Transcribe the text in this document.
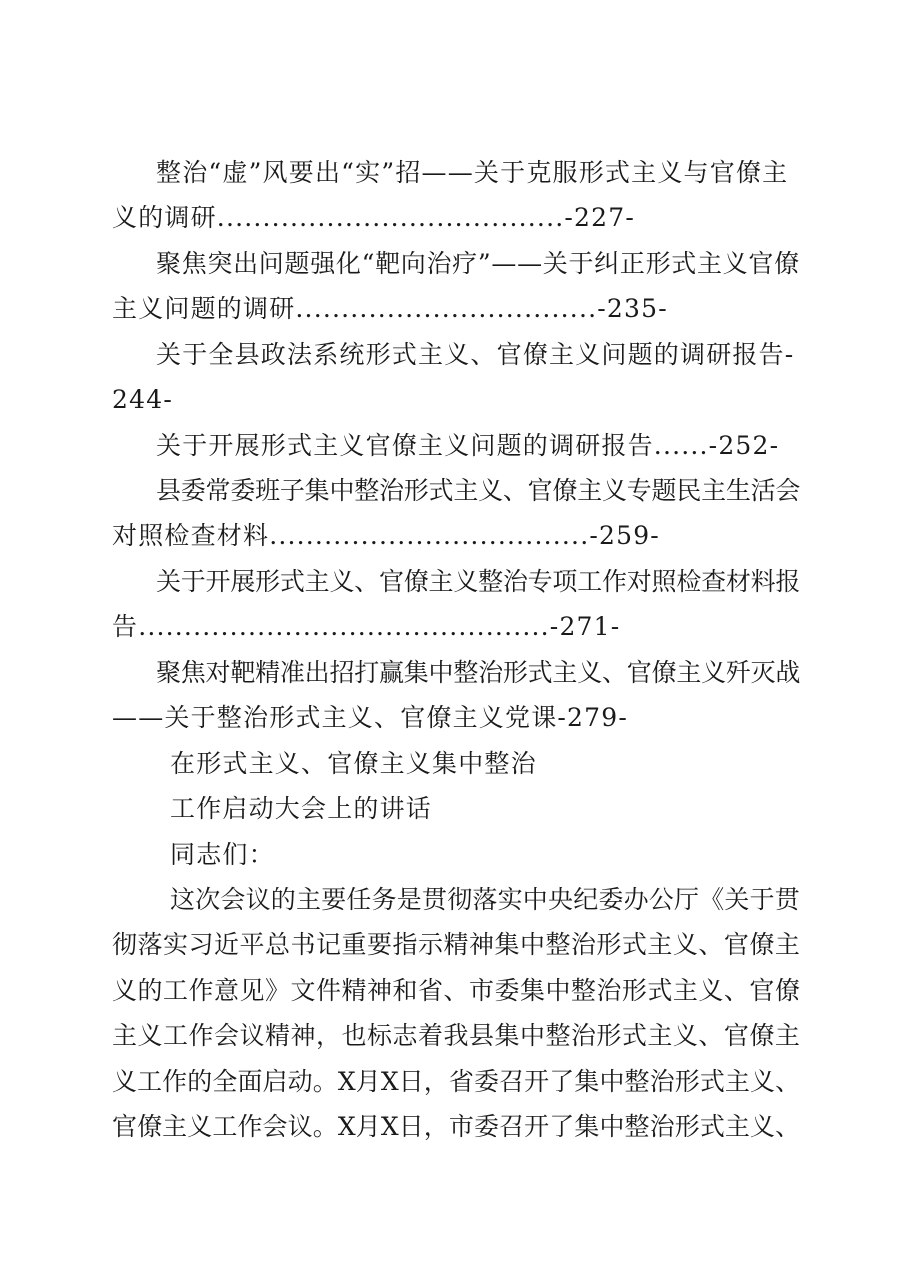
整治“虚”风要出“实”招——关于克服形式主义与官僚主
义的调研......................................-227-
聚焦突出问题强化“靶向治疗”——关于纠正形式主义官僚
主义问题的调研.................................-235-
关于全县政法系统形式主义、官僚主义问题的调研报告-
244-
关于开展形式主义官僚主义问题的调研报告......-252-
县委常委班子集中整治形式主义、官僚主义专题民主生活会
对照检查材料...................................-259-
关于开展形式主义、官僚主义整治专项工作对照检查材料报
告.............................................-271-
聚焦对靶精准出招打赢集中整治形式主义、官僚主义歼灭战
——关于整治形式主义、官僚主义党课-279-
在形式主义、官僚主义集中整治
工作启动大会上的讲话
同志们：
这次会议的主要任务是贯彻落实中央纪委办公厅《关于贯
彻落实习近平总书记重要指示精神集中整治形式主义、官僚主
义的工作意见》文件精神和省、市委集中整治形式主义、官僚
主义工作会议精神，也标志着我县集中整治形式主义、官僚主
义工作的全面启动。X月X日，省委召开了集中整治形式主义、
官僚主义工作会议。X月X日，市委召开了集中整治形式主义、
